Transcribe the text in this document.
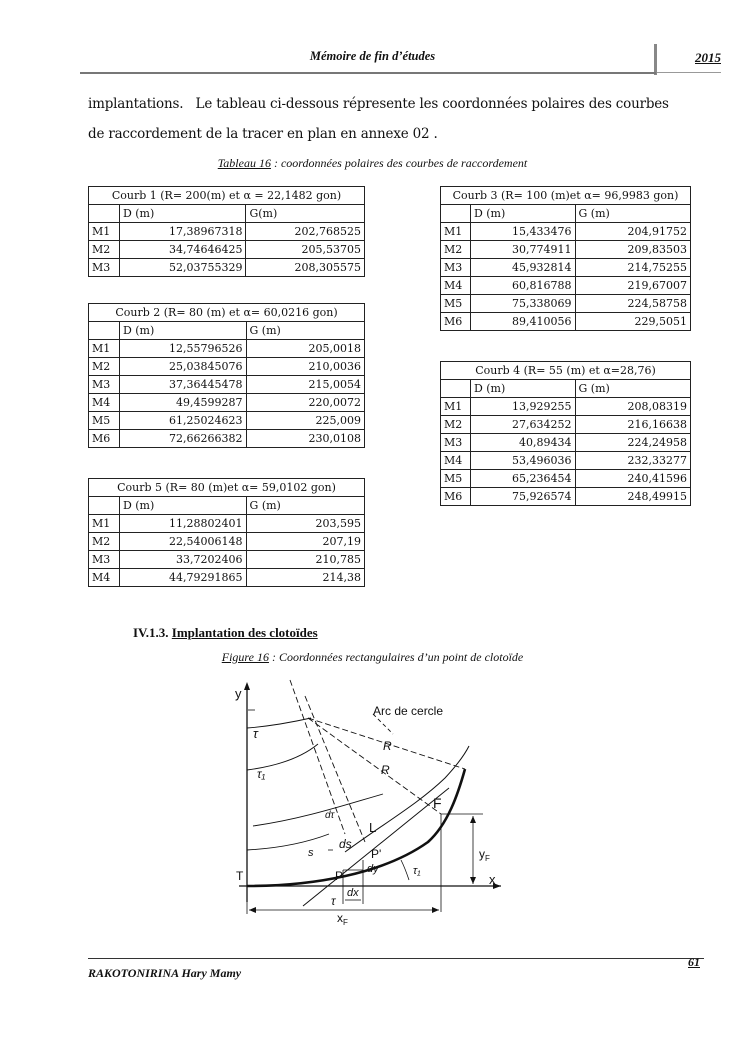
Mémoire de fin d’études	2015
implantations.   Le tableau ci-dessous répresente les coordonnées polaires des courbes
de raccordement de la tracer en plan en annexe 02 .
Tableau 16 : coordonnées polaires des courbes de raccordement
Courb 1 (R= 200(m) et α = 22,1482 gon)		
	D (m)	G(m)
M1	17,38967318	202,768525
M2	34,74646425	205,53705
M3	52,03755329	208,305575
Courb 2 (R= 80 (m) et α= 60,0216 gon)		
	D (m)	G (m)
M1	12,55796526	205,0018
M2	25,03845076	210,0036
M3	37,36445478	215,0054
M4	49,4599287	220,0072
M5	61,25024623	225,009
M6	72,66266382	230,0108
Courb 5 (R= 80 (m)et α= 59,0102 gon)		
	D (m)	G (m)
M1	11,28802401	203,595
M2	22,54006148	207,19
M3	33,7202406	210,785
M4	44,79291865	214,38
Courb 3 (R= 100 (m)et α= 96,9983 gon)		
	D (m)	G (m)
M1	15,433476	204,91752
M2	30,774911	209,83503
M3	45,932814	214,75255
M4	60,816788	219,67007
M5	75,338069	224,58758
M6	89,410056	229,5051
Courb 4 (R= 55 (m) et α=28,76)		
	D (m)	G (m)
M1	13,929255	208,08319
M2	27,634252	216,16638
M3	40,89434	224,24958
M4	53,496036	232,33277
M5	65,236454	240,41596
M6	75,926574	248,49915
IV.1.3. Implantation des clotoïdes
Figure 16 : Coordonnées rectangulaires d’un point de clotoïde
y
Arc de cercle
τ
R
R
τ₁
F
dτ
L
ds
s	P'
P dy	τ₁
$y_F$
x
T
τ
dx
$x_F$
61
RAKOTONIRINA Hary Mamy
